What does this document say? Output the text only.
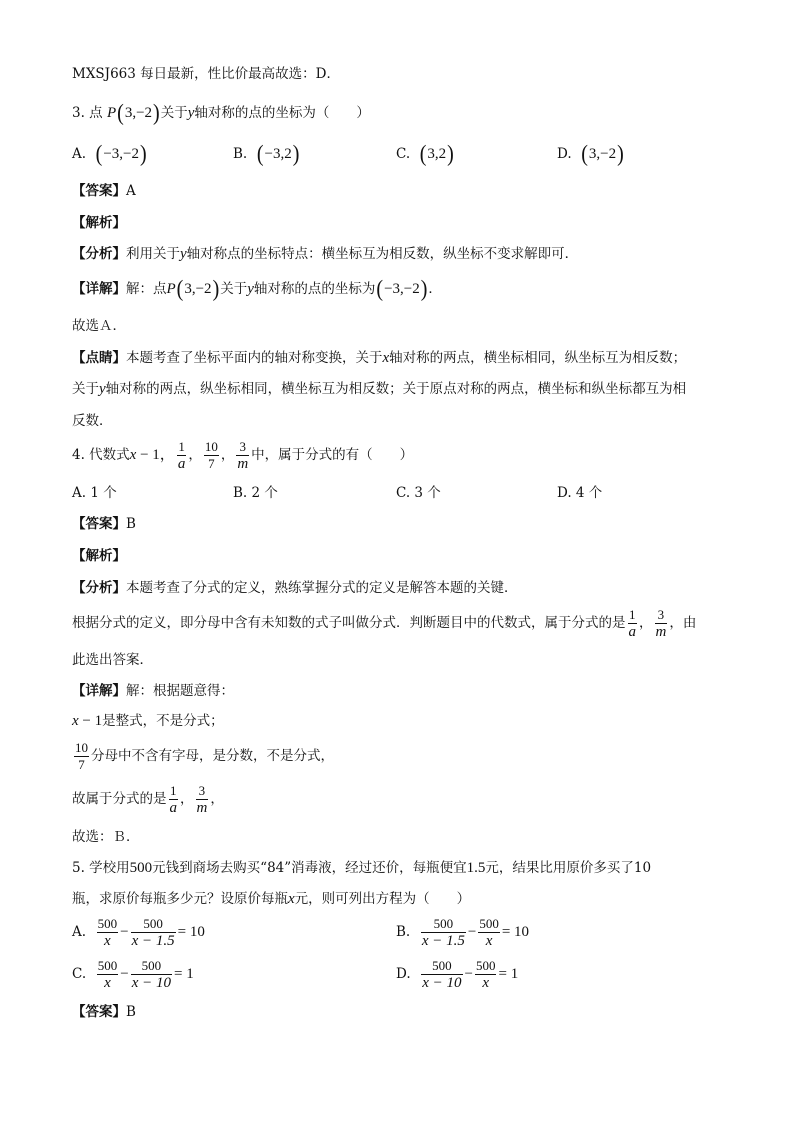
MXSJ663 每日最新，性比价最高故选：D．
3. 点 P(3,−2)关于y轴对称的点的坐标为（　　）
A. (−3,−2)	B. (−3,2)	C. (3,2)	D. (3,−2)
【答案】A
【解析】
【分析】利用关于y轴对称点的坐标特点：横坐标互为相反数，纵坐标不变求解即可．
【详解】解：点P(3,−2)关于y轴对称的点的坐标为(−3,−2)．
故选Ａ．
【点睛】本题考查了坐标平面内的轴对称变换，关于x轴对称的两点，横坐标相同，纵坐标互为相反数；
关于y轴对称的两点，纵坐标相同，横坐标互为相反数；关于原点对称的两点，横坐标和纵坐标都互为相
反数．
4. 代数式x − 1， $\frac{1}{a}$ ， $\frac{10}{7}$ ， $\frac{3}{m}$ 中，属于分式的有（　　）
A. 1 个	B. 2 个	C. 3 个	D. 4 个
【答案】B
【解析】
【分析】本题考查了分式的定义，熟练掌握分式的定义是解答本题的关键．
根据分式的定义，即分母中含有未知数的式子叫做分式．判断题目中的代数式，属于分式的是 $\frac{1}{a}$ ， $\frac{3}{m}$ ，由
此选出答案．
【详解】解：根据题意得：
x − 1是整式，不是分式；
$\frac{10}{7}$ 分母中不含有字母，是分数，不是分式，
故属于分式的是 $\frac{1}{a}$ ， $\frac{3}{m}$ ，
故选：Ｂ．
5. 学校用500元钱到商场去购买“84”消毒液，经过还价，每瓶便宜1.5元，结果比用原价多买了10
瓶，求原价每瓶多少元？设原价每瓶x元，则可列出方程为（　　）
A. $\frac{500}{x} - \frac{500}{x - 1.5} = 10$	B. $\frac{500}{x - 1.5} - \frac{500}{x} = 10$
C. $\frac{500}{x} - \frac{500}{x - 10} = 1$	D. $\frac{500}{x - 10} - \frac{500}{x} = 1$
【答案】B
